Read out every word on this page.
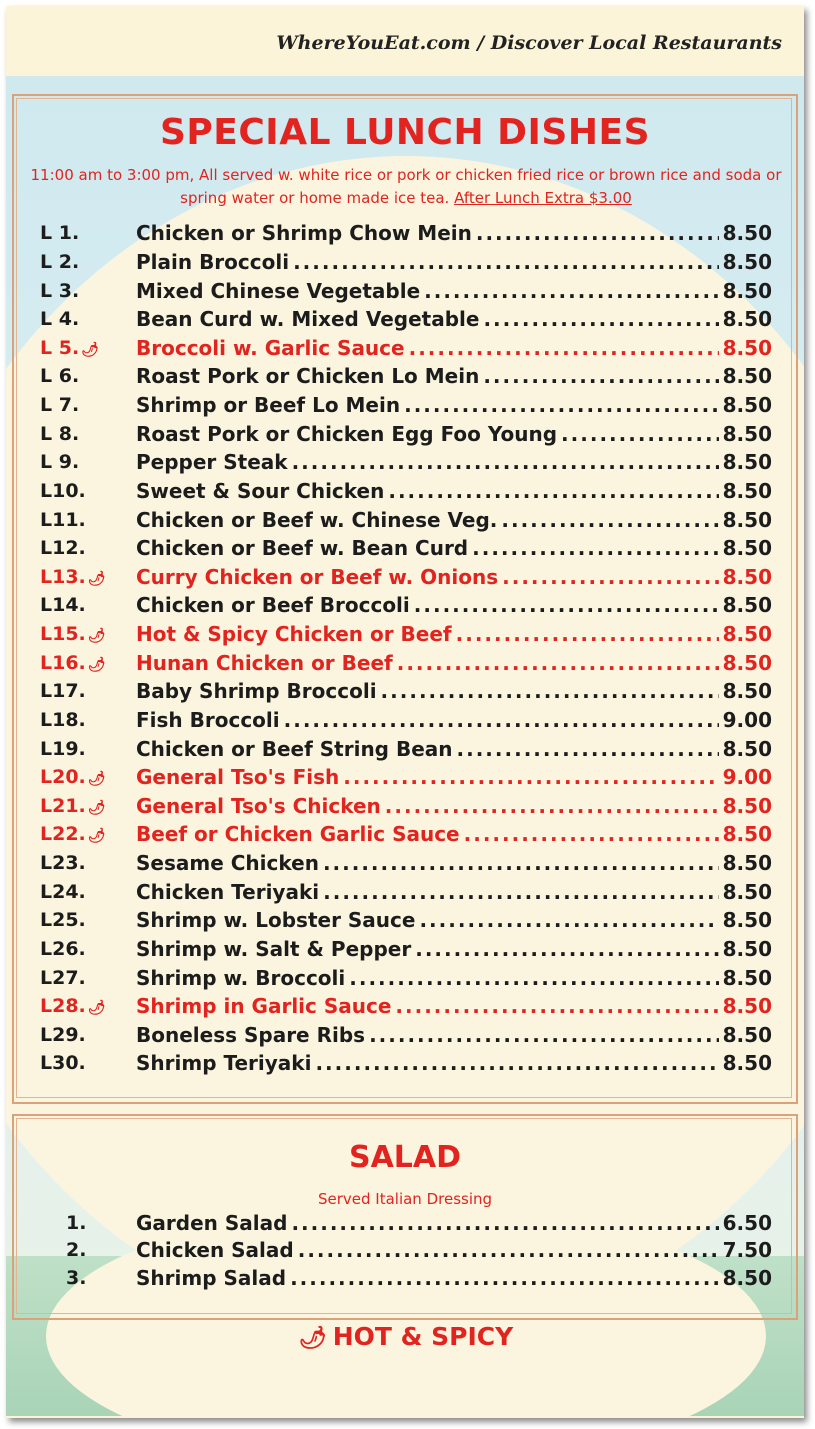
WhereYouEat.com / Discover Local Restaurants
SPECIAL LUNCH DISHES
11:00 am to 3:00 pm, All served w. white rice or pork or chicken fried rice or brown rice and soda or spring water or home made ice tea. After Lunch Extra $3.00
L 1.	Chicken or Shrimp Chow Mein .....	8.50
L 2.	Plain Broccoli .....	8.50
L 3.	Mixed Chinese Vegetable .....	8.50
L 4.	Bean Curd w. Mixed Vegetable .....	8.50
L 5. 🌶︎	Broccoli w. Garlic Sauce .....	8.50
L 6.	Roast Pork or Chicken Lo Mein .....	8.50
L 7.	Shrimp or Beef Lo Mein .....	8.50
L 8.	Roast Pork or Chicken Egg Foo Young .....	8.50
L 9.	Pepper Steak .....	8.50
L10.	Sweet & Sour Chicken .....	8.50
L11.	Chicken or Beef w. Chinese Veg. .....	8.50
L12.	Chicken or Beef w. Bean Curd .....	8.50
L13. 🌶︎	Curry Chicken or Beef w. Onions .....	8.50
L14.	Chicken or Beef Broccoli .....	8.50
L15. 🌶︎	Hot & Spicy Chicken or Beef .....	8.50
L16. 🌶︎	Hunan Chicken or Beef .....	8.50
L17.	Baby Shrimp Broccoli .....	8.50
L18.	Fish Broccoli .....	9.00
L19.	Chicken or Beef String Bean .....	8.50
L20. 🌶︎	General Tso's Fish .....	9.00
L21. 🌶︎	General Tso's Chicken .....	8.50
L22. 🌶︎	Beef or Chicken Garlic Sauce .....	8.50
L23.	Sesame Chicken .....	8.50
L24.	Chicken Teriyaki .....	8.50
L25.	Shrimp w. Lobster Sauce .....	8.50
L26.	Shrimp w. Salt & Pepper .....	8.50
L27.	Shrimp w. Broccoli .....	8.50
L28. 🌶︎	Shrimp in Garlic Sauce .....	8.50
L29.	Boneless Spare Ribs .....	8.50
L30.	Shrimp Teriyaki .....	8.50
SALAD
Served Italian Dressing
1.	Garden Salad .....	6.50
2.	Chicken Salad .....	7.50
3.	Shrimp Salad .....	8.50
🌶︎ HOT & SPICY
